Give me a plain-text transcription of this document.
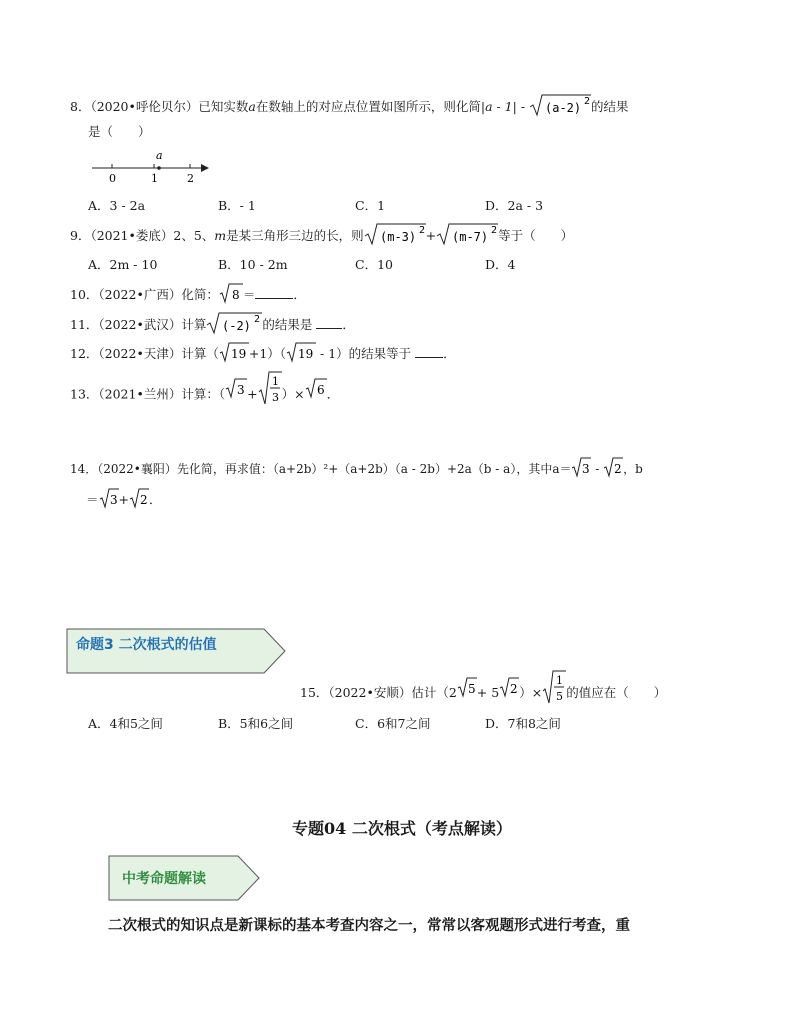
8．（2020•呼伦贝尔）已知实数a在数轴上的对应点位置如图所示，则化简|a - 1| - (a-2) 2 的结果
是（　　）
a
0	1	2
A．3 - 2a	B．- 1	C．1	D．2a - 3
9．（2021•娄底）2、5、m是某三角形三边的长，则 (m-3) 2 + (m-7) 2 等于（　　）
A．2m - 10	B．10 - 2m	C．10	D．4
10．（2022•广西）化简： 8 ＝	．
11．（2022•武汉）计算 (-2) 2 的结果是 ．
12．（2022•天津）计算（ 19 +1）（ 19 - 1）的结果等于	．
13．（2021•兰州）计算：（ 3 +
1
3 ）× 6 ．
14．（2022•襄阳）先化简，再求值：（a+2b）²+（a+2b）（a - 2b）+2a（b - a），其中a＝ 3 - 2 ，b
＝ 3 + 2 ．
命题3 二次根式的估值
15．（2022•安顺）估计（2 5 + 5 2 ）×
1
5 的值应在（　　）
A．4和5之间	B．5和6之间	C．6和7之间	D．7和8之间
专题04 二次根式（考点解读）
中考命题解读
二次根式的知识点是新课标的基本考查内容之一，常常以客观题形式进行考查，重
